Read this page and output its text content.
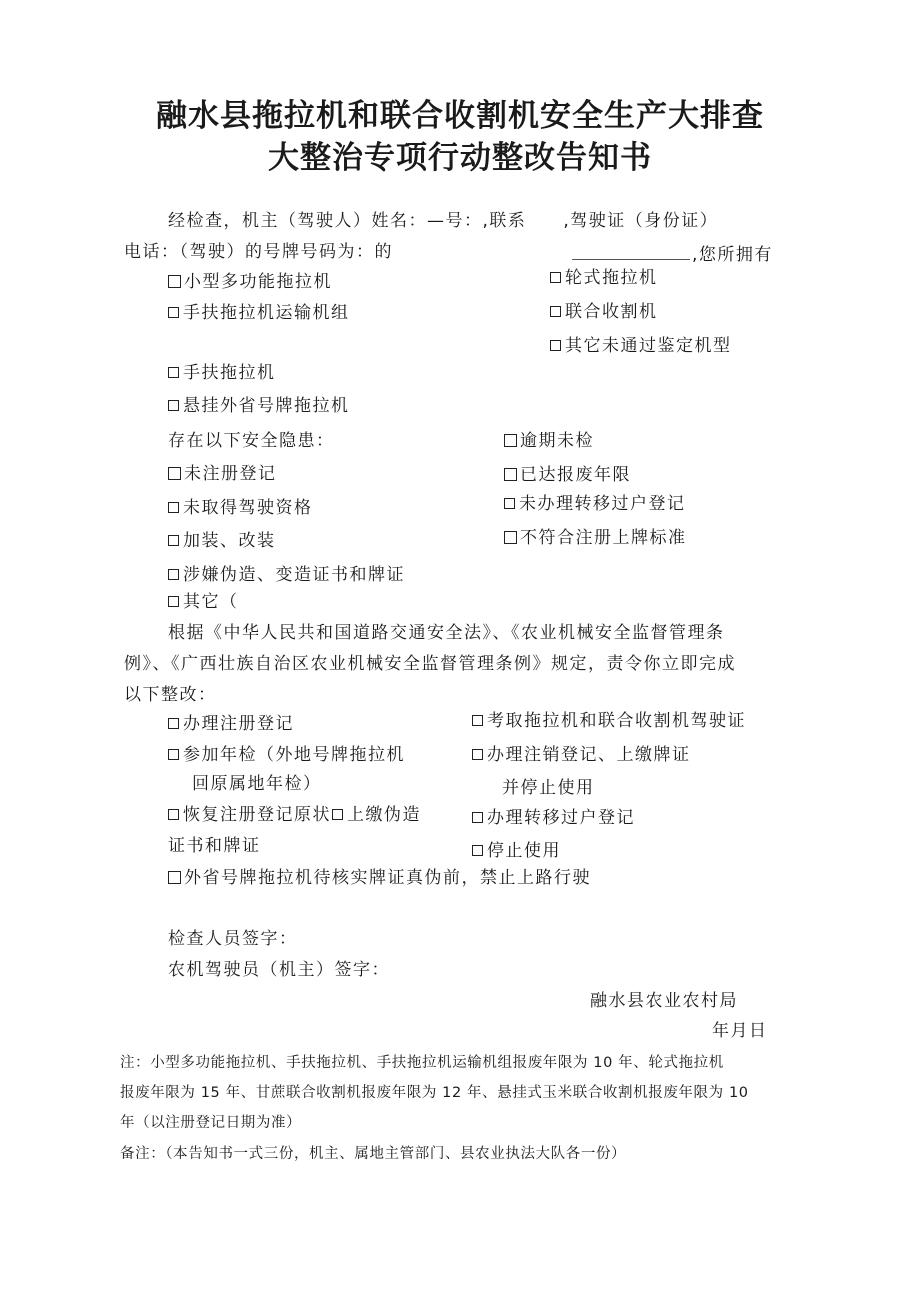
融水县拖拉机和联合收割机安全生产大排查
大整治专项行动整改告知书
经检查，机主（驾驶人）姓名：—号：,联系　　,驾驶证（身份证）
电话：（驾驶）的号牌号码为：的	,您所拥有
小型多功能拖拉机	轮式拖拉机
手扶拖拉机运输机组	联合收割机
其它未通过鉴定机型
手扶拖拉机
悬挂外省号牌拖拉机
存在以下安全隐患：	逾期未检
未注册登记	已达报废年限
未取得驾驶资格	未办理转移过户登记
加装、改装	不符合注册上牌标准
涉嫌伪造、变造证书和牌证
其它（
根据《中华人民共和国道路交通安全法》、《农业机械安全监督管理条
例》、《广西壮族自治区农业机械安全监督管理条例》规定，责令你立即完成
以下整改：
办理注册登记	考取拖拉机和联合收割机驾驶证
参加年检（外地号牌拖拉机	办理注销登记、上缴牌证
回原属地年检）	并停止使用
恢复注册登记原状 上缴伪造	办理转移过户登记
证书和牌证	停止使用
外省号牌拖拉机待核实牌证真伪前，禁止上路行驶
检查人员签字：
农机驾驶员（机主）签字：
融水县农业农村局
年月日
注：小型多功能拖拉机、手扶拖拉机、手扶拖拉机运输机组报废年限为 10 年、轮式拖拉机
报废年限为 15 年、甘蔗联合收割机报废年限为 12 年、悬挂式玉米联合收割机报废年限为 10
年（以注册登记日期为准）
备注：（本告知书一式三份，机主、属地主管部门、县农业执法大队各一份）
